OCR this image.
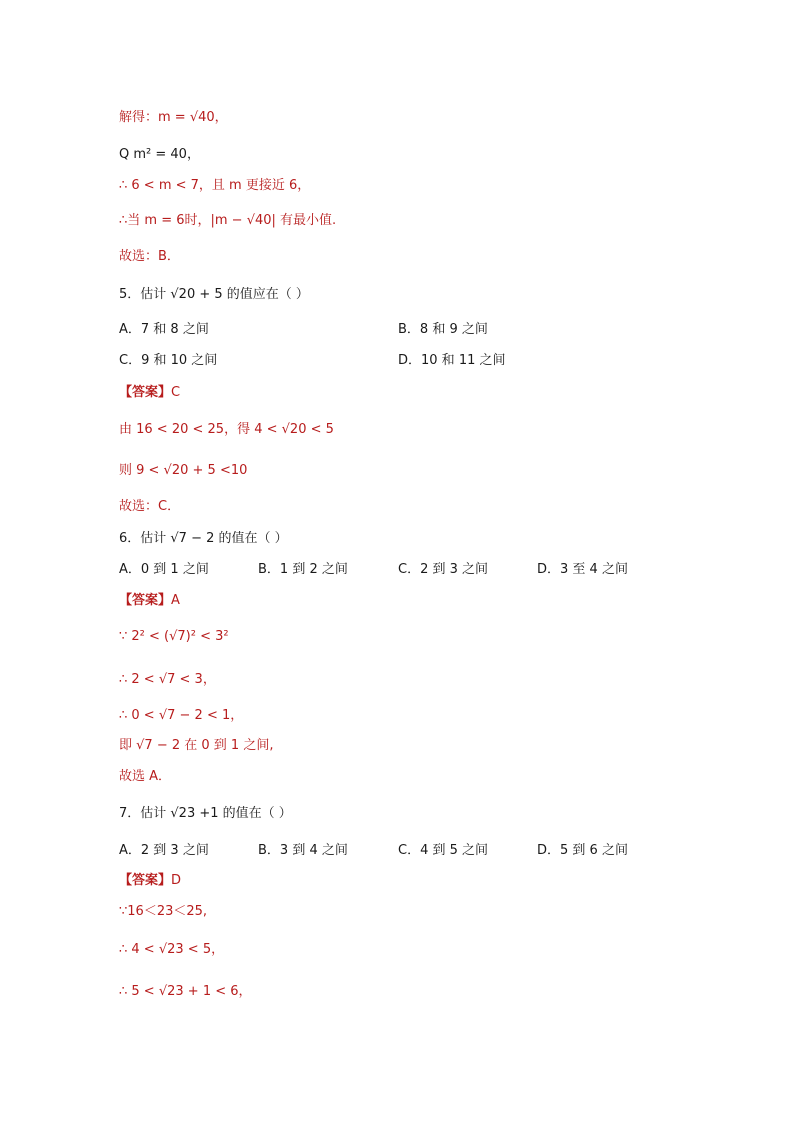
解得：m = √40，
Q m² = 40，
∴ 6 < m < 7，且 m 更接近 6，
∴当 m = 6时，|m − √40| 有最小值.
故选：B．
5．估计 √20 + 5 的值应在（ ）
A．7 和 8 之间	B．8 和 9 之间
C．9 和 10 之间	D．10 和 11 之间
【答案】C
由 16 < 20 < 25，得 4 < √20 < 5
则 9 < √20 + 5 <10
故选：C．
6．估计 √7 − 2 的值在（ ）
A．0 到 1 之间	B．1 到 2 之间	C．2 到 3 之间	D．3 至 4 之间
【答案】A
∵ 2² < (√7)² < 3²
∴ 2 < √7 < 3，
∴ 0 < √7 − 2 < 1，
即 √7 − 2 在 0 到 1 之间,
故选 A．
7．估计 √23 +1 的值在（ ）
A．2 到 3 之间	B．3 到 4 之间	C．4 到 5 之间	D．5 到 6 之间
【答案】D
∵16＜23＜25,
∴ 4 < √23 < 5，
∴ 5 < √23 + 1 < 6，
